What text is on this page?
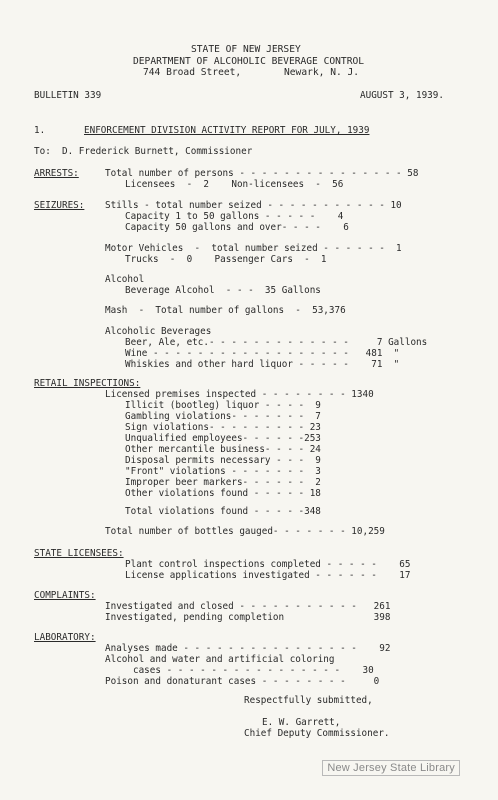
STATE OF NEW JERSEY
DEPARTMENT OF ALCOHOLIC BEVERAGE CONTROL
744 Broad Street,	Newark, N. J.
BULLETIN 339	AUGUST 3, 1939.
1.	ENFORCEMENT DIVISION ACTIVITY REPORT FOR JULY, 1939
To:  D. Frederick Burnett, Commissioner
ARRESTS:	Total number of persons - - - - - - - - - - - - - - - 58
Licensees  -  2    Non-licensees  -  56
SEIZURES: Stills - total number seized - - - - - - - - - - - 10
Capacity 1 to 50 gallons - - - - -    4
Capacity 50 gallons and over- - - -    6
Motor Vehicles  -  total number seized - - - - - -  1
Trucks  -  0    Passenger Cars  -  1
Alcohol
Beverage Alcohol  - - -  35 Gallons
Mash  -  Total number of gallons  -  53,376
Alcoholic Beverages
Beer, Ale, etc.- - - - - - - - - - - - -     7 Gallons
Wine - - - - - - - - - - - - - - - - - -   481  "
Whiskies and other hard liquor - - - - -    71  "
RETAIL INSPECTIONS:
Licensed premises inspected - - - - - - - - 1340
Illicit (bootleg) liquor - - - -  9
Gambling violations- - - - - - -  7
Sign violations- - - - - - - - - 23
Unqualified employees- - - - - -253
Other mercantile business- - - - 24
Disposal permits necessary - - -  9
"Front" violations - - - - - - -  3
Improper beer markers- - - - - -  2
Other violations found - - - - - 18
Total violations found - - - - -348
Total number of bottles gauged- - - - - - - 10,259
STATE LICENSEES:
Plant control inspections completed - - - - -    65
License applications investigated - - - - - -    17
COMPLAINTS:
Investigated and closed - - - - - - - - - - -   261
Investigated, pending completion                398
LABORATORY:
Analyses made - - - - - - - - - - - - - - - -    92
Alcohol and water and artificial coloring
cases - - - - - - - - - - - - - - - -    30
Poison and donaturant cases - - - - - - - -     0
Respectfully submitted,
E. W. Garrett,
Chief Deputy Commissioner.
New Jersey State Library
